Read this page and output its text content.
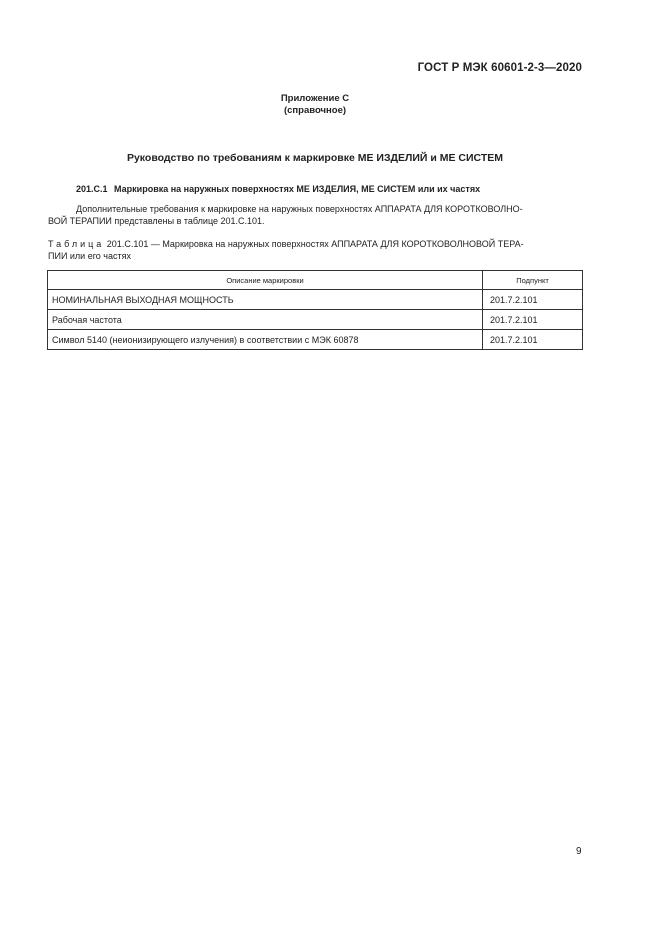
ГОСТ Р МЭК 60601-2-3—2020
Приложение С
(справочное)
Руководство по требованиям к маркировке МЕ ИЗДЕЛИЙ и МЕ СИСТЕМ
201.С.1 Маркировка на наружных поверхностях МЕ ИЗДЕЛИЯ, МЕ СИСТЕМ или их частях
Дополнительные требования к маркировке на наружных поверхностях АППАРАТА ДЛЯ КОРОТКОВОЛНО-
ВОЙ ТЕРАПИИ представлены в таблице 201.С.101.
Таблица 201.С.101 — Маркировка на наружных поверхностях АППАРАТА ДЛЯ КОРОТКОВОЛНОВОЙ ТЕРА-
ПИИ или его частях
Описание маркировки	Подпункт
НОМИНАЛЬНАЯ ВЫХОДНАЯ МОЩНОСТЬ	201.7.2.101
Рабочая частота	201.7.2.101
Символ 5140 (неионизирующего излучения) в соответствии с МЭК 60878	201.7.2.101
9
